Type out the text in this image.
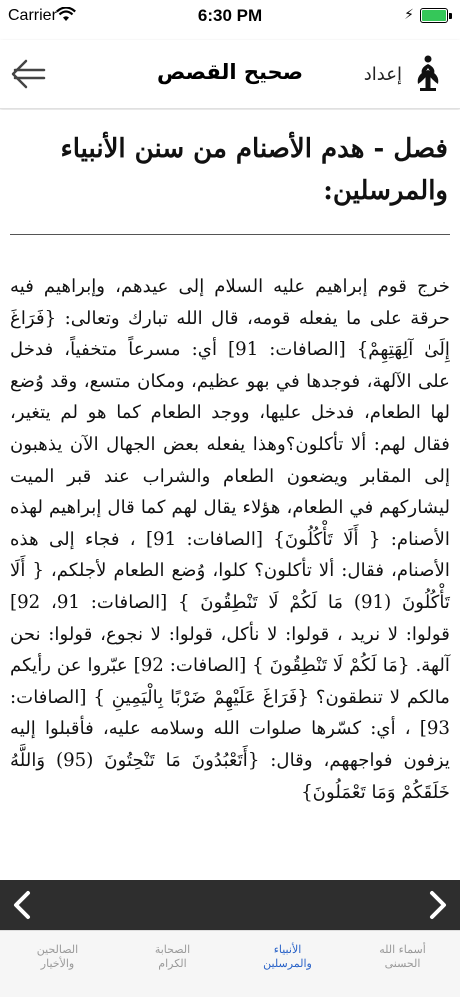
Carrier	6:30 PM	⚡
صحيح القصص	إعداد
فصل - هدم الأصنام من سنن الأنبياء والمرسلين:
خرج قوم إبراهيم عليه السلام إلى عيدهم، وإبراهيم فيه حرقة على ما يفعله قومه، قال الله تبارك وتعالى: {فَرَاغَ إِلَىٰ آلِهَتِهِمْ} [الصافات: 91] أي: مسرعاً متخفياً، فدخل على الآلهة، فوجدها في بهو عظيم، ومكان متسع، وقد وُضع لها الطعام، فدخل عليها، ووجد الطعام كما هو لم يتغير، فقال لهم: ألا تأكلون؟وهذا يفعله بعض الجهال الآن يذهبون إلى المقابر ويضعون الطعام والشراب عند قبر الميت ليشاركهم في الطعام، هؤلاء يقال لهم كما قال إبراهيم لهذه الأصنام: { أَلَا تَأْكُلُونَ} [الصافات: 91] ، فجاء إلى هذه الأصنام، فقال: ألا تأكلون؟ كلوا، وُضع الطعام لأجلكم، { أَلَا تَأْكُلُونَ (91) مَا لَكُمْ لَا تَنْطِقُونَ } [الصافات: 91، 92] قولوا: لا نريد ، قولوا: لا نأكل، قولوا: لا نجوع، قولوا: نحن آلهة. {مَا لَكُمْ لَا تَنْطِقُونَ } [الصافات: 92] عبّروا عن رأيكم مالكم لا تنطقون؟ {فَرَاغَ عَلَيْهِمْ ضَرْبًا بِالْيَمِينِ } [الصافات: 93] ، أي: كسّرها صلوات الله وسلامه عليه، فأقبلوا إليه يزفون فواجههم، وقال: {أَتَعْبُدُونَ مَا تَنْحِتُونَ (95) وَاللَّهُ خَلَقَكُمْ وَمَا تَعْمَلُونَ}
أسماء الله
الحسنى
الأنبياء
والمرسلين
الصحابة
الكرام
الصالحين
والأخيار
